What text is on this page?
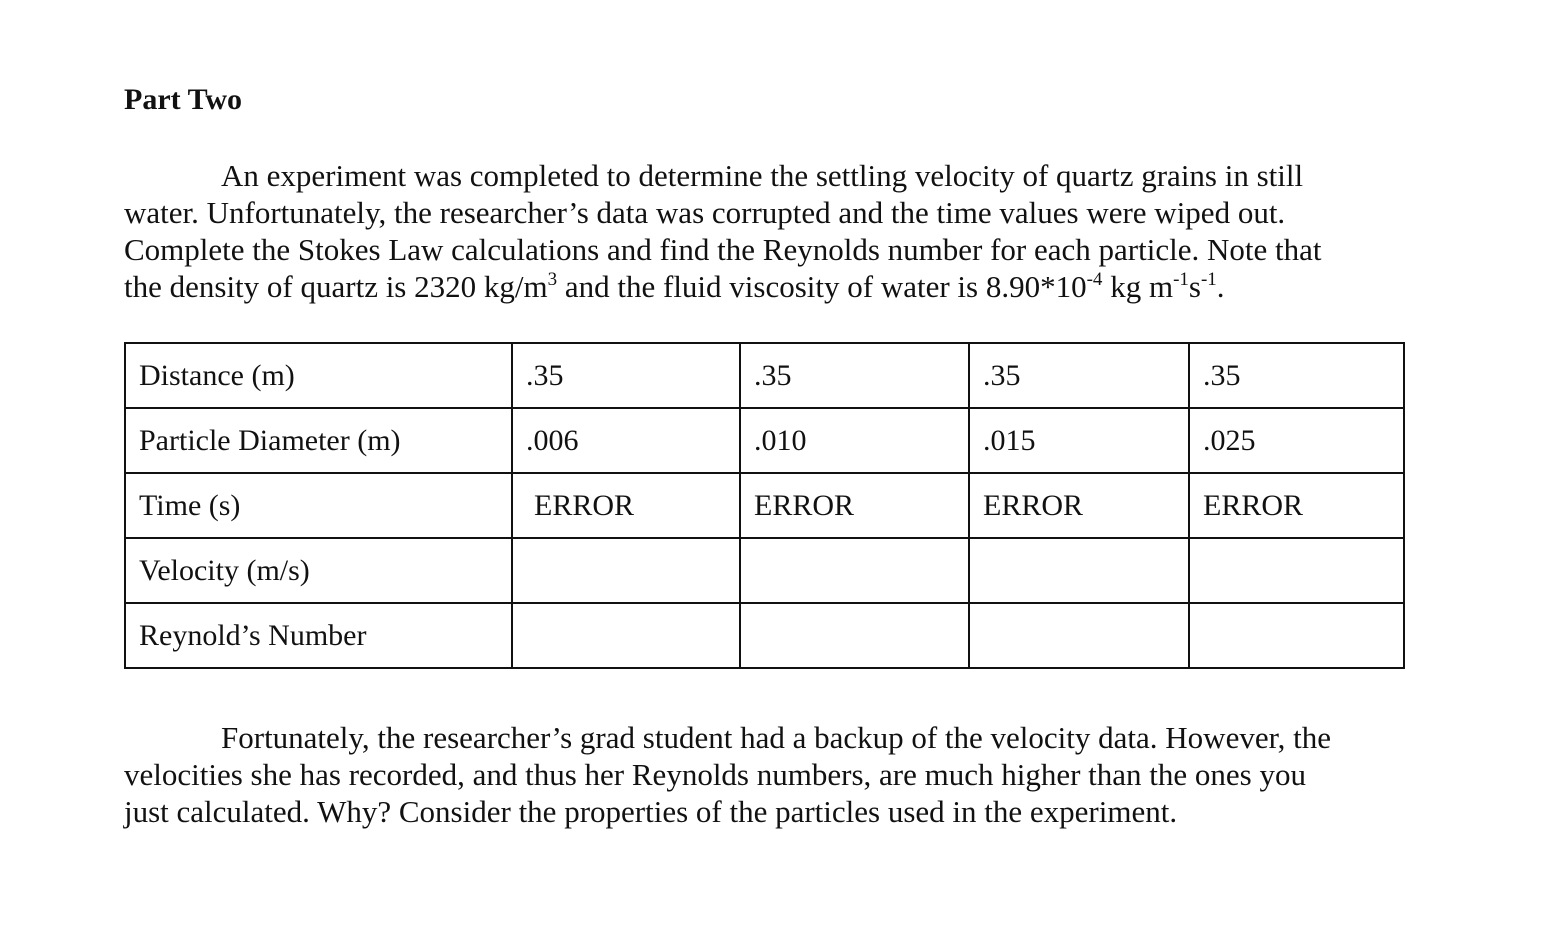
Part Two
An experiment was completed to determine the settling velocity of quartz grains in still
water. Unfortunately, the researcher’s data was corrupted and the time values were wiped out.
Complete the Stokes Law calculations and find the Reynolds number for each particle. Note that
the density of quartz is 2320 $kg/m^3$ and the fluid viscosity of water is $8.90*10^{-4}$ kg $m^{-1}s^{-1}$.
Distance (m)	.35	.35	.35	.35
Particle Diameter (m)	.006	.010	.015	.025
Time (s)	ERROR	ERROR	ERROR	ERROR
Velocity (m/s)				
Reynold’s Number				
Fortunately, the researcher’s grad student had a backup of the velocity data. However, the
velocities she has recorded, and thus her Reynolds numbers, are much higher than the ones you
just calculated. Why? Consider the properties of the particles used in the experiment.
